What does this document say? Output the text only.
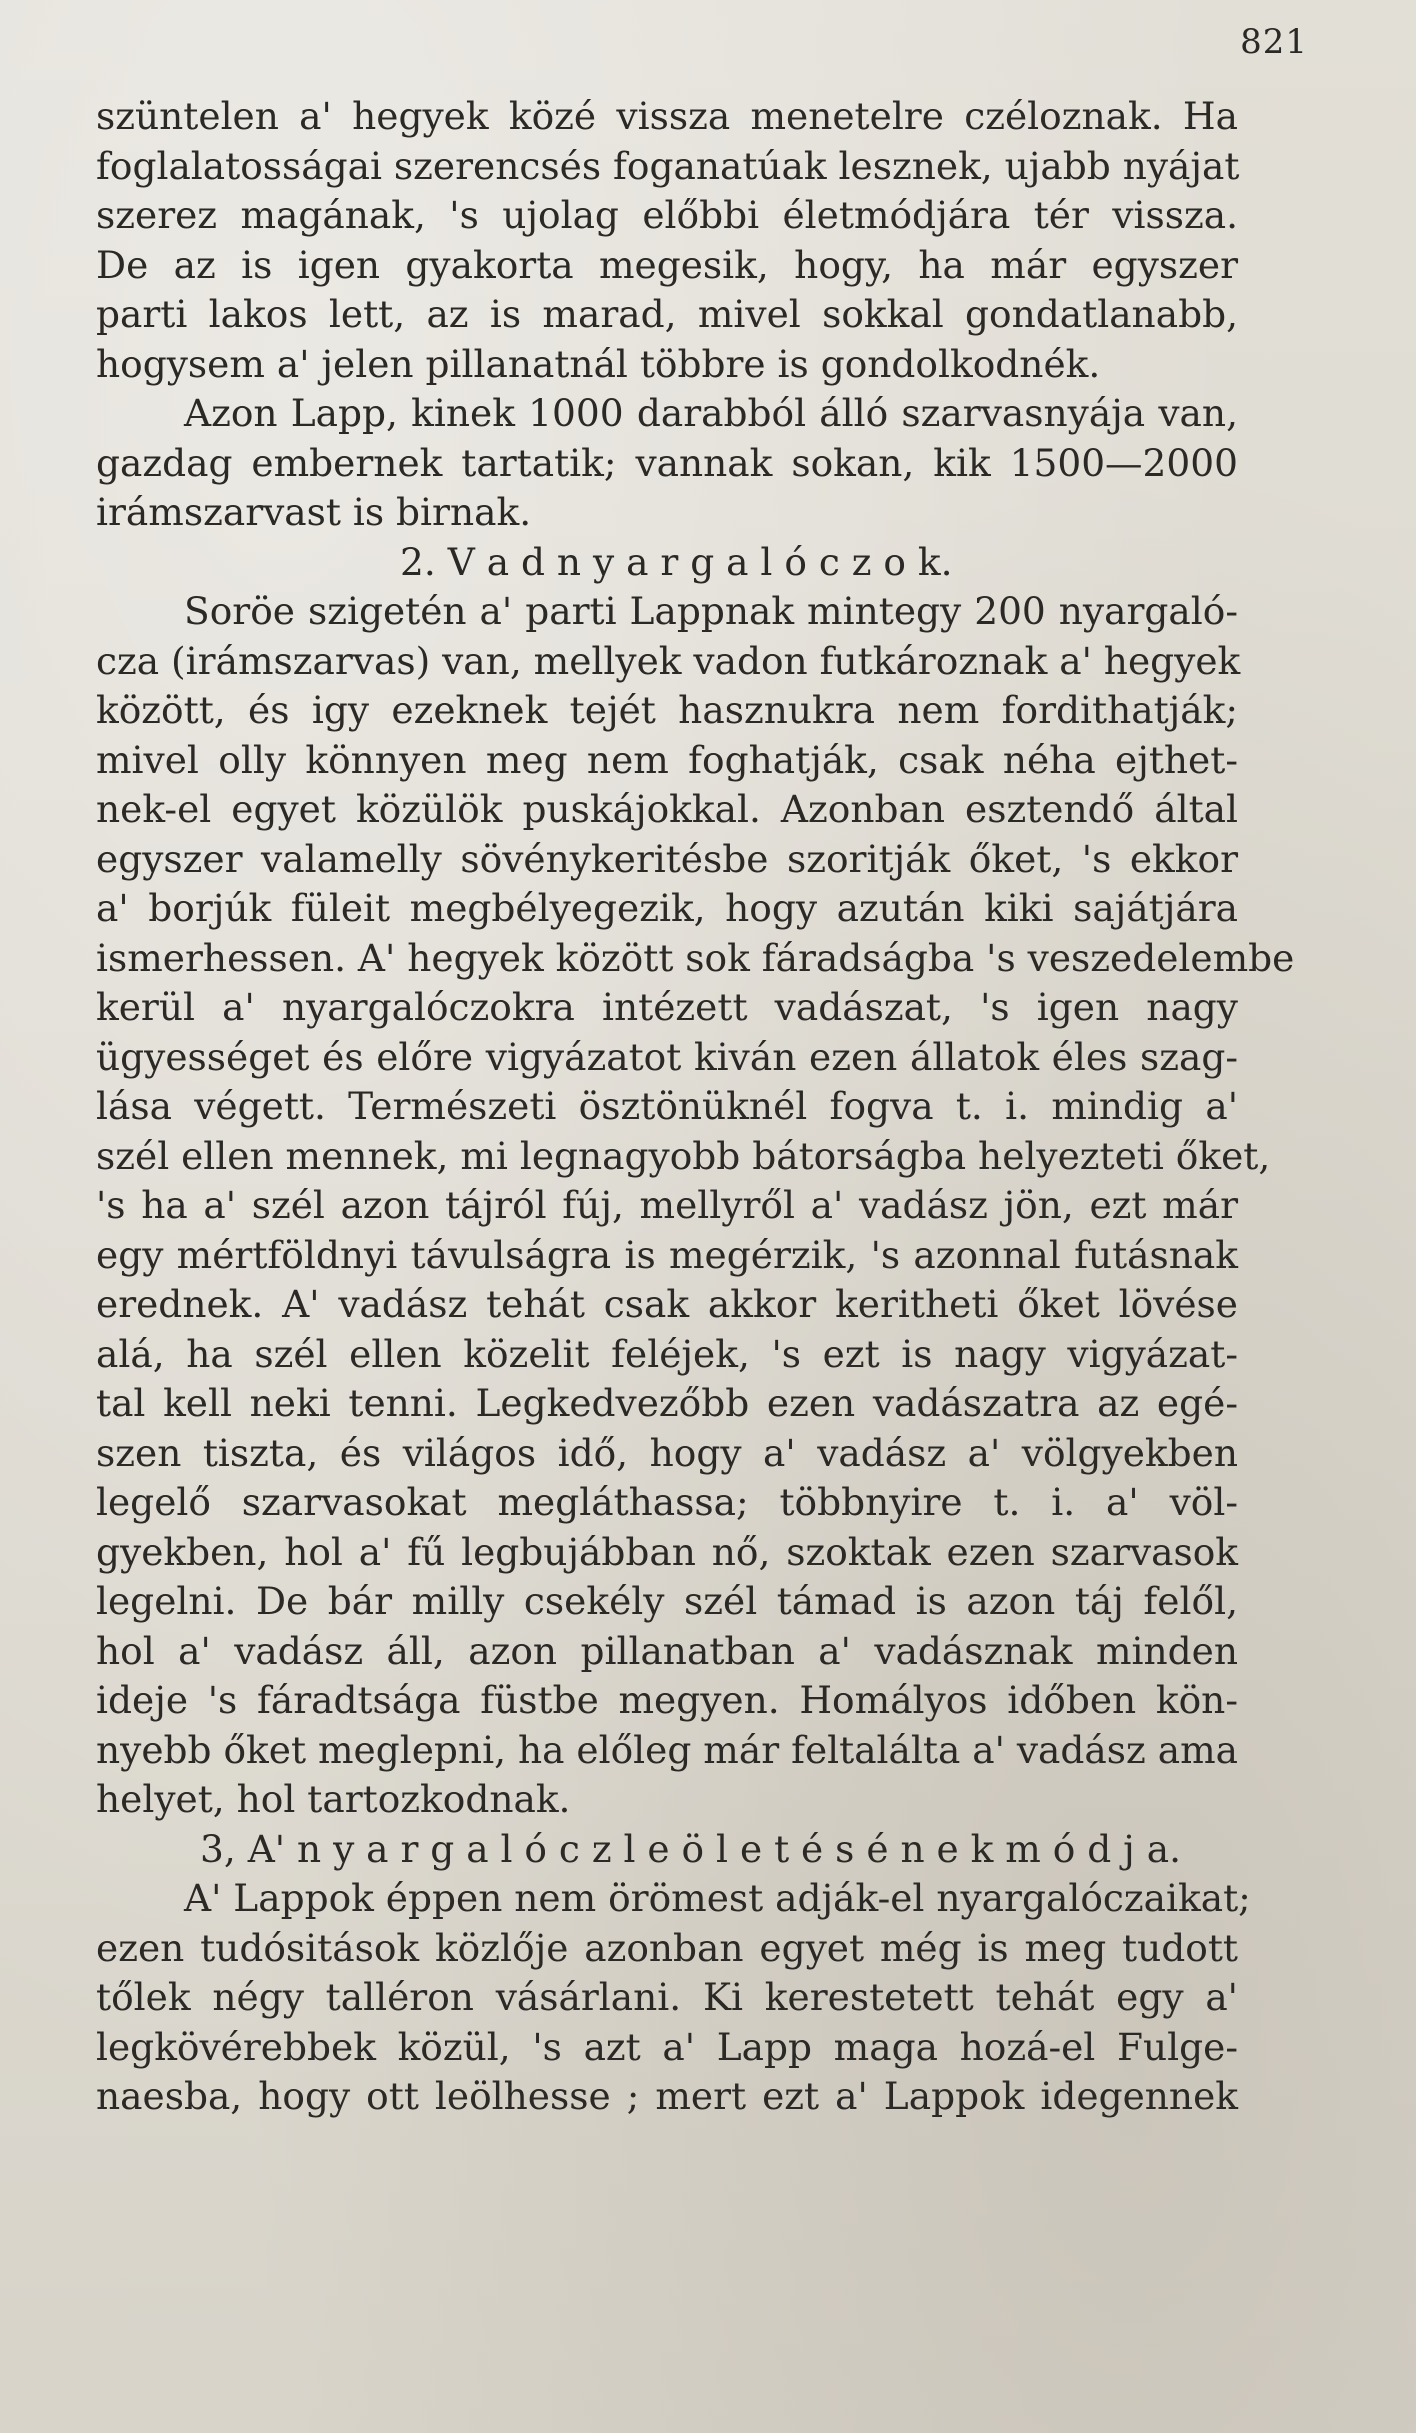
821
szüntelen a' hegyek közé vissza menetelre czéloznak. Ha
foglalatosságai szerencsés foganatúak lesznek, ujabb nyájat
szerez magának, 's ujolag előbbi életmódjára tér vissza.
De az is igen gyakorta megesik, hogy, ha már egyszer
parti lakos lett, az is marad, mivel sokkal gondatlanabb,
hogysem a' jelen pillanatnál többre is gondolkodnék.
Azon Lapp, kinek 1000 darabból álló szarvasnyája van,
gazdag embernek tartatik; vannak sokan, kik 1500—2000
irámszarvast is birnak.
2. V a d n y a r g a l ó c z o k.
Soröe szigetén a' parti Lappnak mintegy 200 nyargaló-
cza (irámszarvas) van, mellyek vadon futkároznak a' hegyek
között, és igy ezeknek tejét hasznukra nem fordithatják;
mivel olly könnyen meg nem foghatják, csak néha ejthet-
nek-el egyet közülök puskájokkal. Azonban esztendő által
egyszer valamelly sövénykeritésbe szoritják őket, 's ekkor
a' borjúk füleit megbélyegezik, hogy azután kiki sajátjára
ismerhessen. A' hegyek között sok fáradságba 's veszedelembe
kerül a' nyargalóczokra intézett vadászat, 's igen nagy
ügyességet és előre vigyázatot kiván ezen állatok éles szag-
lása végett. Természeti ösztönüknél fogva t. i. mindig a'
szél ellen mennek, mi legnagyobb bátorságba helyezteti őket,
's ha a' szél azon tájról fúj, mellyről a' vadász jön, ezt már
egy mértföldnyi távulságra is megérzik, 's azonnal futásnak
erednek. A' vadász tehát csak akkor keritheti őket lövése
alá, ha szél ellen közelit feléjek, 's ezt is nagy vigyázat-
tal kell neki tenni. Legkedvezőbb ezen vadászatra az egé-
szen tiszta, és világos idő, hogy a' vadász a' völgyekben
legelő szarvasokat megláthassa; többnyire t. i. a' völ-
gyekben, hol a' fű legbujábban nő, szoktak ezen szarvasok
legelni. De bár milly csekély szél támad is azon táj felől,
hol a' vadász áll, azon pillanatban a' vadásznak minden
ideje 's fáradtsága füstbe megyen. Homályos időben kön-
nyebb őket meglepni, ha előleg már feltalálta a' vadász ama
helyet, hol tartozkodnak.
3, A' n y a r g a l ó c z l e ö l e t é s é n e k m ó d j a.
A' Lappok éppen nem örömest adják-el nyargalóczaikat;
ezen tudósitások közlője azonban egyet még is meg tudott
tőlek négy talléron vásárlani. Ki kerestetett tehát egy a'
legkövérebbek közül, 's azt a' Lapp maga hozá-el Fulge-
naesba, hogy ott leölhesse ; mert ezt a' Lappok idegennek
